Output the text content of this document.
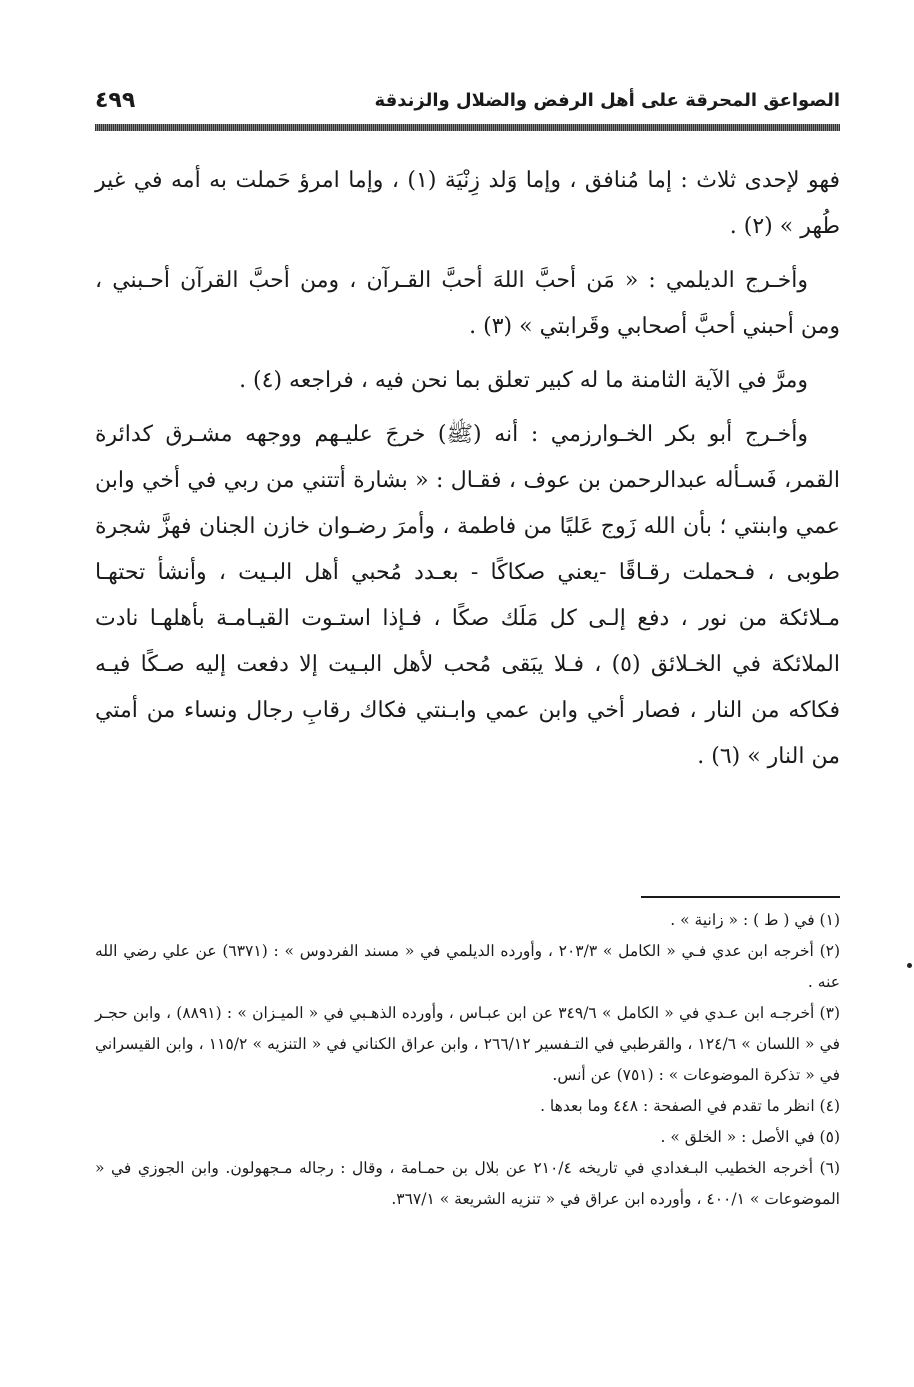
الصواعق المحرقة على أهل الرفض والضلال والزندقة
٤٩٩

فهو لإحدى ثلاث : إما مُنافق ، وإما وَلد زِنْيَة (١) ، وإما امرؤ حَملت به أمه في غير طُهر » (٢) .

وأخـرج الديلمي : « مَن أحبَّ اللهَ أحبَّ القـرآن ، ومن أحبَّ القرآن أحـبني ، ومن أحبني أحبَّ أصحابي وقَرابتي » (٣) .

ومرَّ في الآية الثامنة ما له كبير تعلق بما نحن فيه ، فراجعه (٤) .

وأخـرج أبو بكر الخـوارزمي : أنه (ﷺ) خرجَ عليـهم ووجهه مشـرق كدائرة القمر، فَسـأله عبدالرحمن بن عوف ، فقـال : « بشارة أتتني من ربي في أخي وابن عمي وابنتي ؛ بأن الله زَوج عَليًا من فاطمة ، وأمرَ رضـوان خازن الجنان فهزَّ شجرة طوبى ، فـحملت رقـاقًا -يعني صكاكًا - بعـدد مُحبي أهل البـيت ، وأنشأ تحتهـا مـلائكة من نور ، دفع إلـى كل مَلَك صكًا ، فـإذا استـوت القيـامـة بأهلهـا نادت الملائكة في الخـلائق (٥) ، فـلا يبَقى مُحب لأهل البـيت إلا دفعت إليه صـكًا فيـه فكاكه من النار ، فصار أخي وابن عمي وابـنتي فكاك رقابِ رجال ونساء من أمتي من النار » (٦) .

(١) في ( ط ) : « زانية » .

(٢) أخرجه ابن عدي فـي « الكامل » ٢٠٣/٣ ، وأورده الديلمي في « مسند الفردوس » : (٦٣٧١) عن علي رضي الله عنه .

(٣) أخرجـه ابن عـدي في « الكامل » ٣٤٩/٦ عن ابن عبـاس ، وأورده الذهـبي في « الميـزان » : (٨٨٩١) ، وابن حجـر في « اللسان » ١٢٤/٦ ، والقرطبي في التـفسير ٢٦٦/١٢ ، وابن عراق الكناني في « التنزيه » ١١٥/٢ ، وابن القيسراني في « تذكرة الموضوعات » : (٧٥١) عن أنس.

(٤) انظر ما تقدم في الصفحة : ٤٤٨ وما بعدها .

(٥) في الأصل : « الخلق » .

(٦) أخرجه الخطيب البـغدادي في تاريخه ٢١٠/٤ عن بلال بن حمـامة ، وقال : رجاله مـجهولون. وابن الجوزي في « الموضوعات » ٤٠٠/١ ، وأورده ابن عراق في « تنزيه الشريعة » ٣٦٧/١.
